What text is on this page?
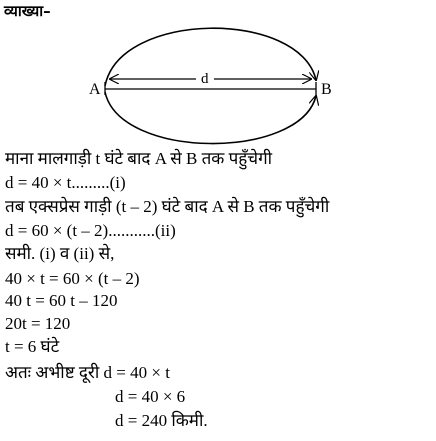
व्याख्या–
A	B
d
माना मालगाड़ी t घंटे बाद A से B तक पहुँचेगी
d = 40 × t.........(i)
तब एक्सप्रेस गाड़ी (t – 2) घंटे बाद A से B तक पहुँचेगी
d = 60 × (t – 2)...........(ii)
समी. (i) व (ii) से,
40 × t = 60 × (t – 2)
40 t = 60 t – 120
20t = 120
t = 6 घंटे
अतः अभीष्ट दूरी d = 40 × t
d = 40 × 6
d = 240 किमी.
